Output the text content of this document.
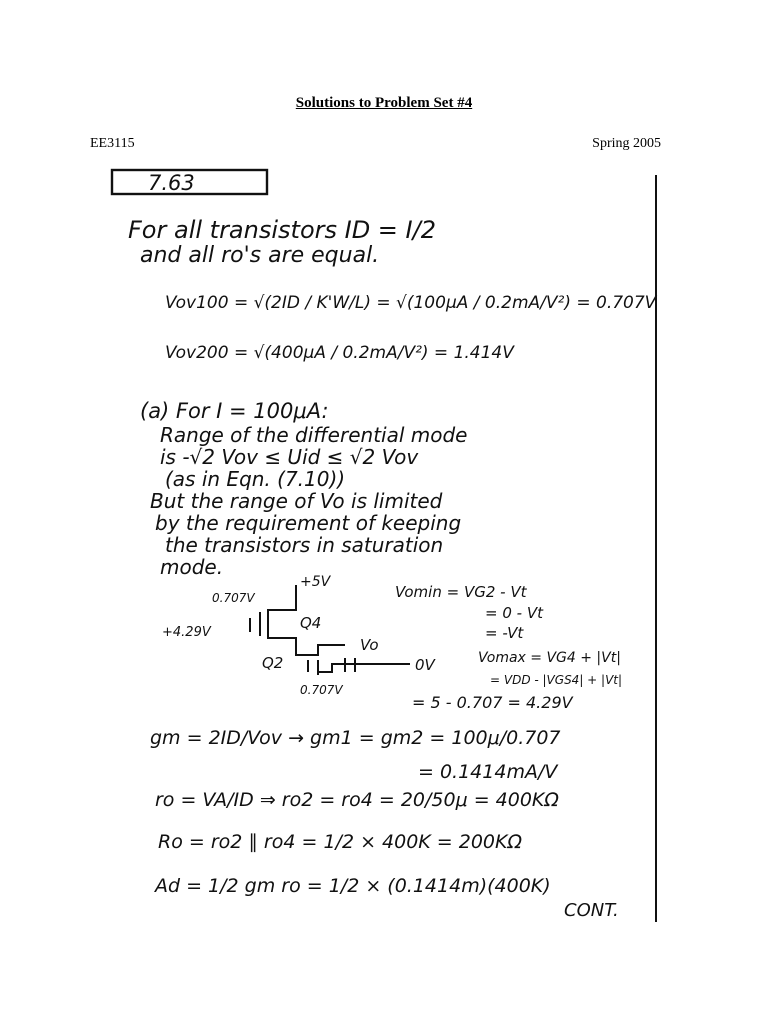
Solutions to Problem Set #4
EE3115	Spring 2005
7.63
For all transistors ID = I/2
and all ro's are equal.
Vov100 = √(2ID / K'W/L) = √(100μA / 0.2mA/V²) = 0.707V
Vov200 = √(400μA / 0.2mA/V²) = 1.414V
(a) For I = 100μA:
Range of the differential mode
is -√2 Vov ≤ Uid ≤ √2 Vov
(as in Eqn. (7.10))
But the range of Vo is limited
by the requirement of keeping
the transistors in saturation
mode.
+5V
0.707V
+4.29V
Q4
Q2
Vo
0V
0.707V
Vomin = VG2 - Vt
= 0 - Vt
= -Vt
Vomax = VG4 + |Vt|
= VDD - |VGS4| + |Vt|
= 5 - 0.707 = 4.29V
gm = 2ID/Vov → gm1 = gm2 = 100μ/0.707
= 0.1414mA/V
ro = VA/ID ⇒ ro2 = ro4 = 20/50μ = 400KΩ
Ro = ro2 ∥ ro4 = 1/2 × 400K = 200KΩ
Ad = 1/2 gm ro = 1/2 × (0.1414m)(400K)
CONT.
